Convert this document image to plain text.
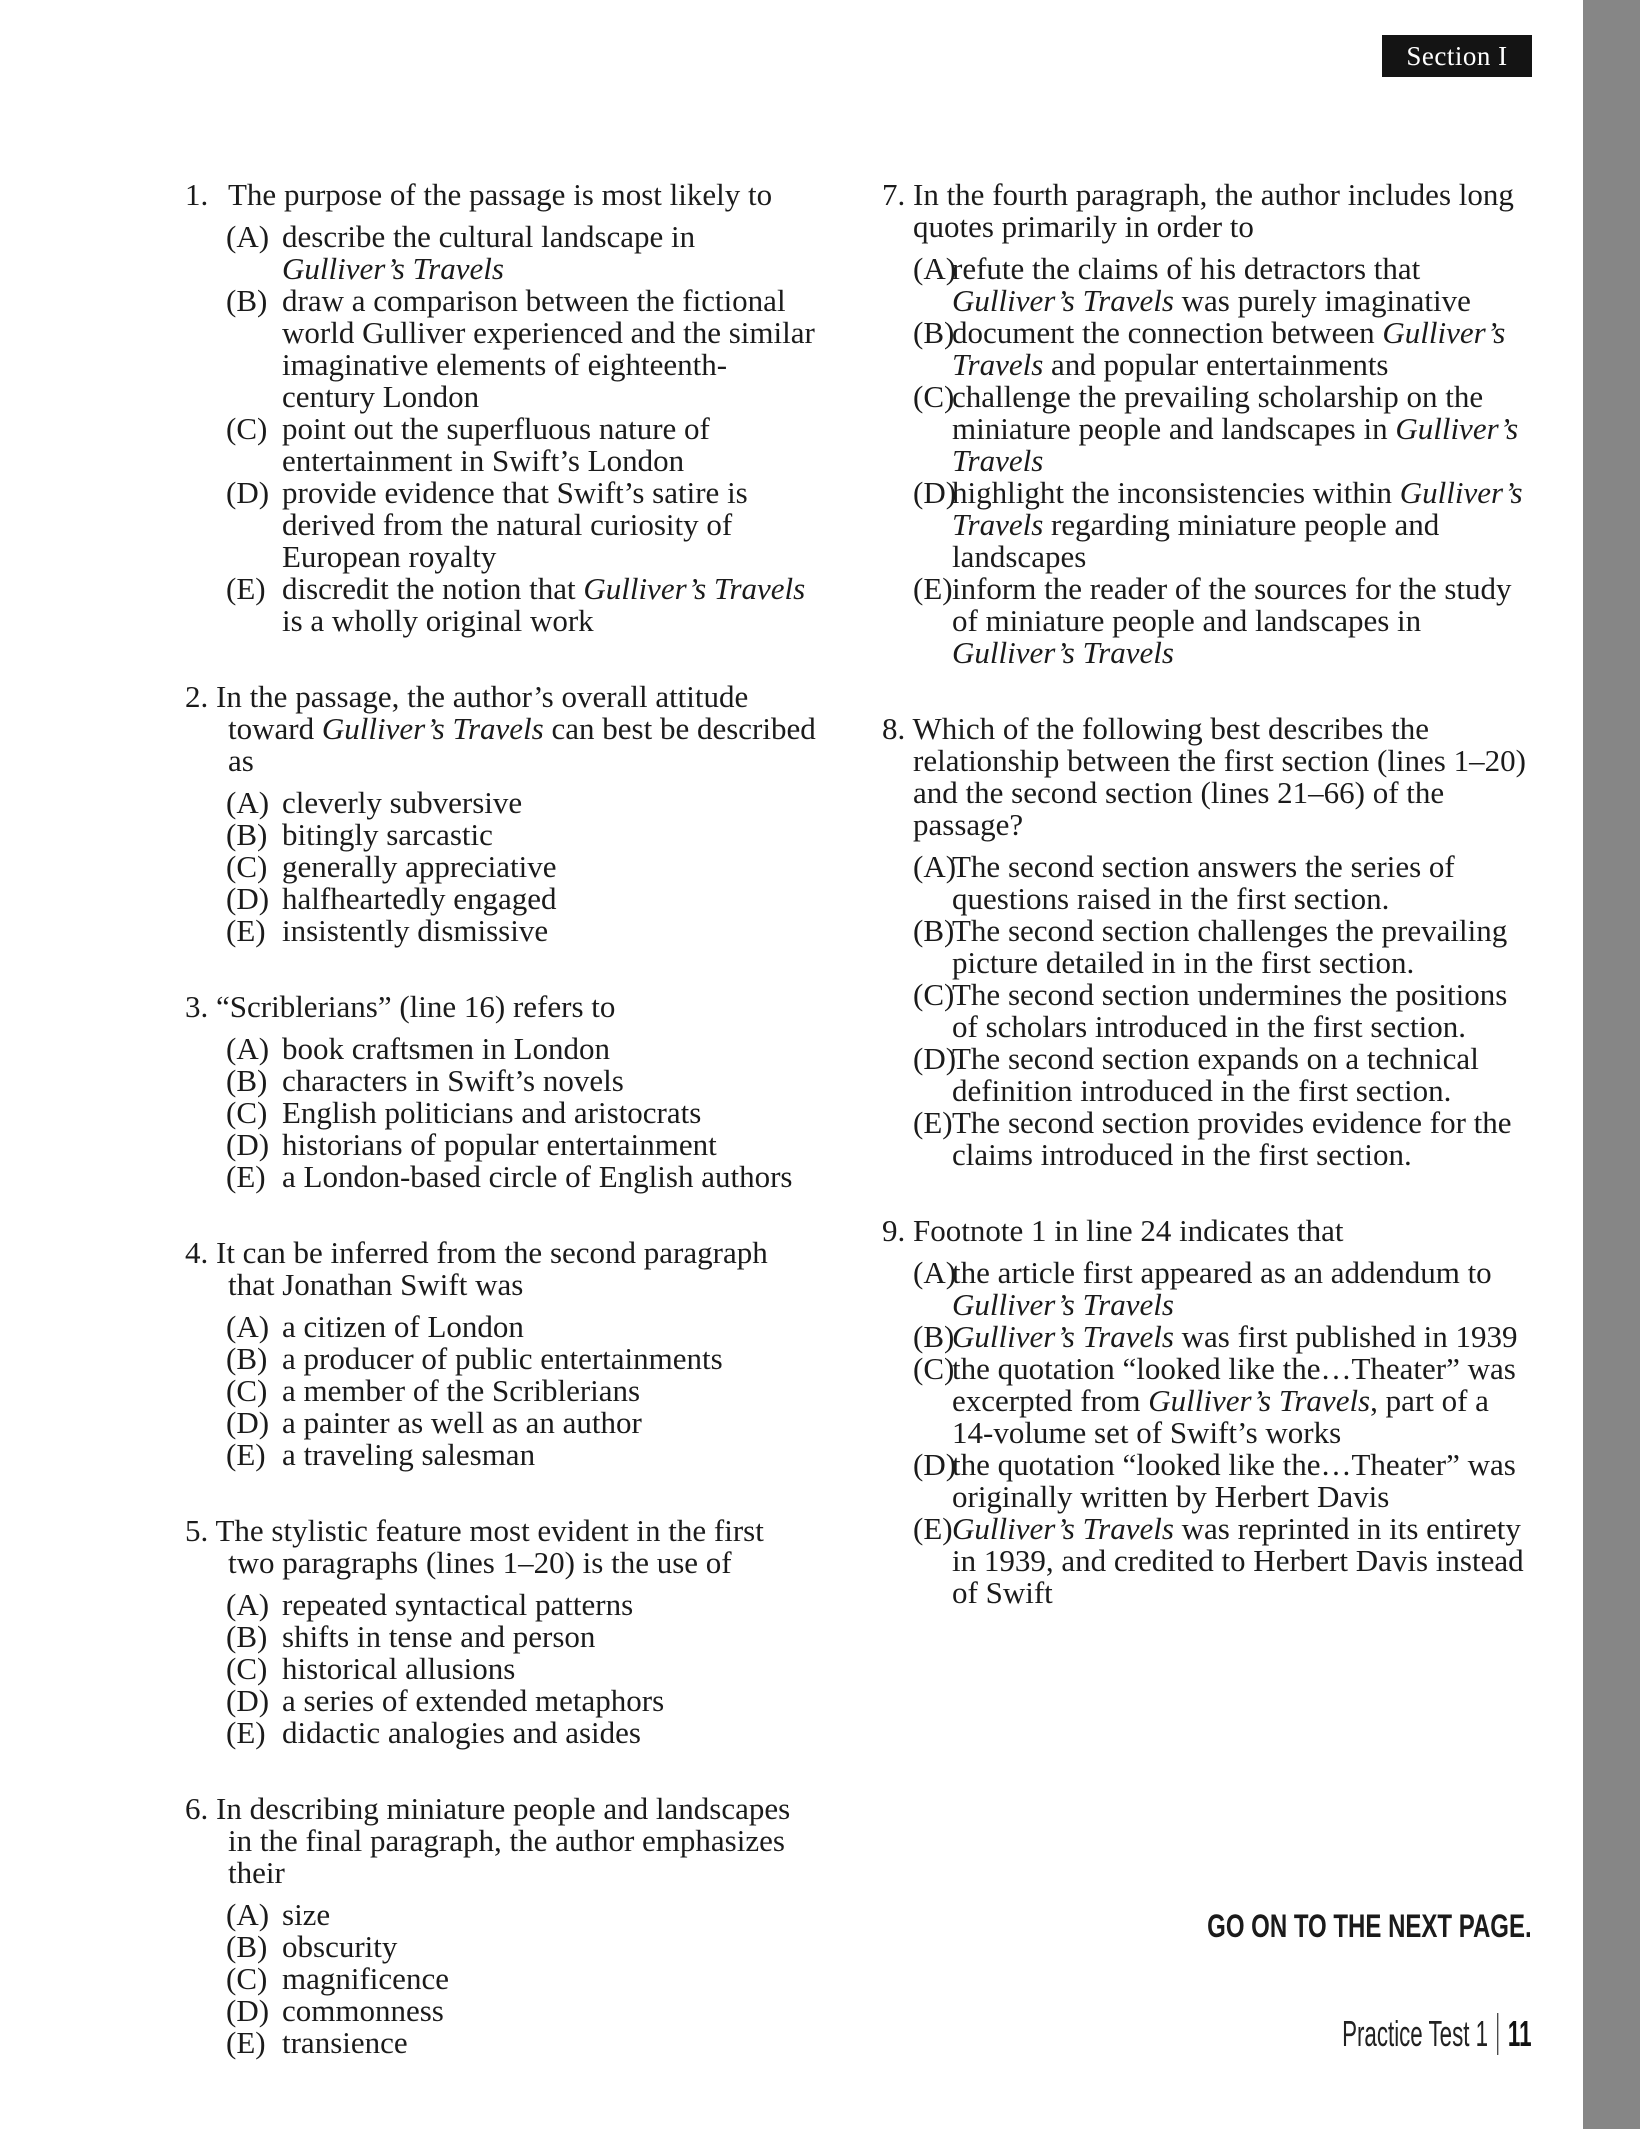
Section I
1. The purpose of the passage is most likely to
(A) describe the cultural landscape in Gulliver’s Travels
(B) draw a comparison between the fictional world Gulliver experienced and the similar imaginative elements of eighteenth-century London
(C) point out the superfluous nature of entertainment in Swift’s London
(D) provide evidence that Swift’s satire is derived from the natural curiosity of European royalty
(E) discredit the notion that Gulliver’s Travels is a wholly original work
2. In the passage, the author’s overall attitude toward Gulliver’s Travels can best be described as
(A) cleverly subversive
(B) bitingly sarcastic
(C) generally appreciative
(D) halfheartedly engaged
(E) insistently dismissive
3. “Scriblerians” (line 16) refers to
(A) book craftsmen in London
(B) characters in Swift’s novels
(C) English politicians and aristocrats
(D) historians of popular entertainment
(E) a London-based circle of English authors
4. It can be inferred from the second paragraph that Jonathan Swift was
(A) a citizen of London
(B) a producer of public entertainments
(C) a member of the Scriblerians
(D) a painter as well as an author
(E) a traveling salesman
5. The stylistic feature most evident in the first two paragraphs (lines 1–20) is the use of
(A) repeated syntactical patterns
(B) shifts in tense and person
(C) historical allusions
(D) a series of extended metaphors
(E) didactic analogies and asides
6. In describing miniature people and landscapes in the final paragraph, the author emphasizes their
(A) size
(B) obscurity
(C) magnificence
(D) commonness
(E) transience
7. In the fourth paragraph, the author includes long quotes primarily in order to
(A)refute the claims of his detractors that Gulliver’s Travels was purely imaginative
(B)document the connection between Gulliver’s Travels and popular entertainments
(C)challenge the prevailing scholarship on the miniature people and landscapes in Gulliver’s Travels
(D)highlight the inconsistencies within Gulliver’s Travels regarding miniature people and landscapes
(E)inform the reader of the sources for the study of miniature people and landscapes in Gulliver’s Travels
8. Which of the following best describes the relationship between the first section (lines 1–20) and the second section (lines 21–66) of the passage?
(A)The second section answers the series of questions raised in the first section.
(B)The second section challenges the prevailing picture detailed in in the first section.
(C)The second section undermines the positions of scholars introduced in the first section.
(D)The second section expands on a technical definition introduced in the first section.
(E)The second section provides evidence for the claims introduced in the first section.
9. Footnote 1 in line 24 indicates that
(A)the article first appeared as an addendum to Gulliver’s Travels
(B)Gulliver’s Travels was first published in 1939
(C)the quotation “looked like the…Theater” was excerpted from Gulliver’s Travels, part of a 14-volume set of Swift’s works
(D)the quotation “looked like the…Theater” was originally written by Herbert Davis
(E)Gulliver’s Travels was reprinted in its entirety in 1939, and credited to Herbert Davis instead of Swift
GO ON TO THE NEXT PAGE.
Practice Test 1 11
